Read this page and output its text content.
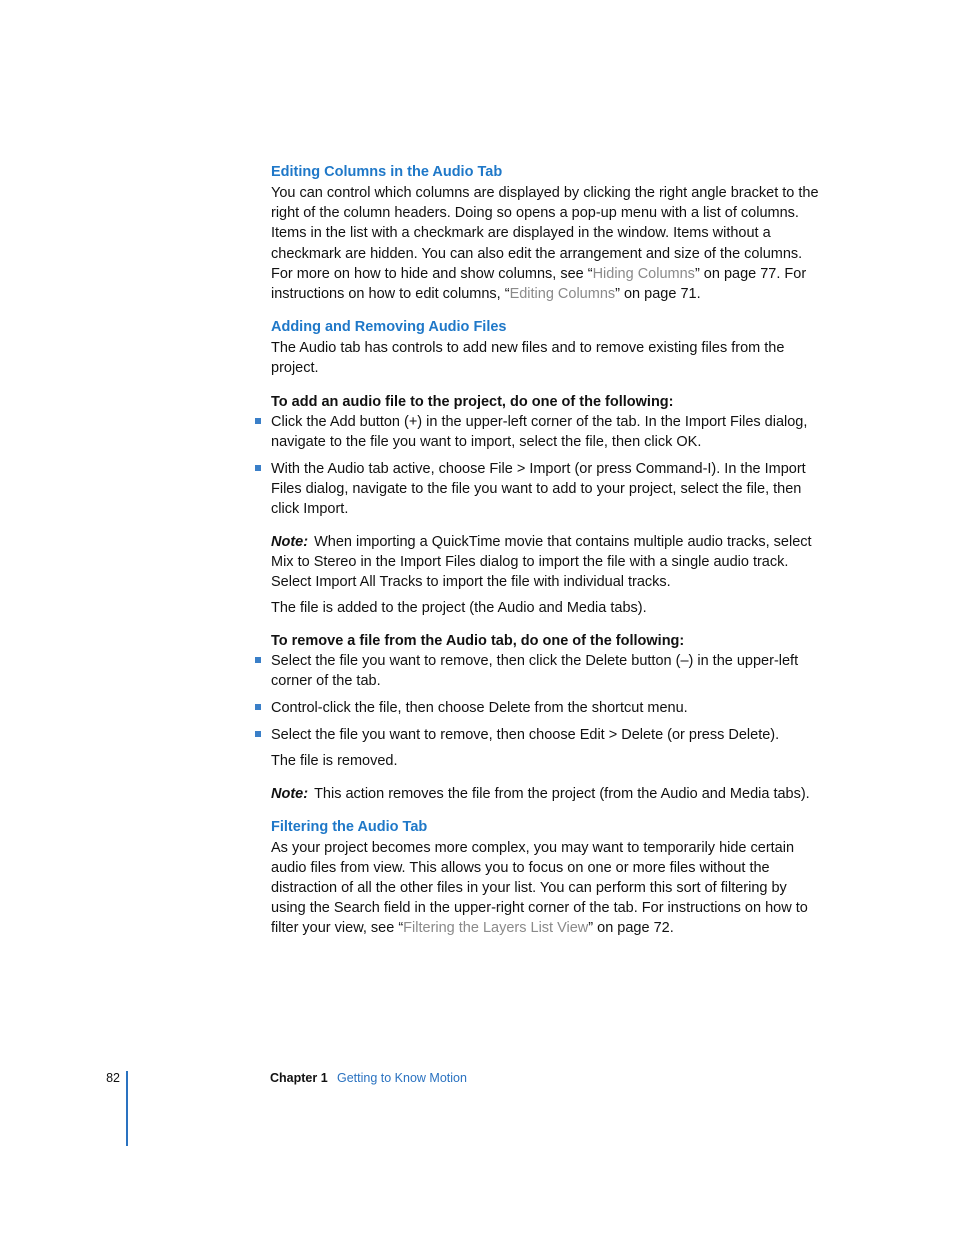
Editing Columns in the Audio Tab

You can control which columns are displayed by clicking the right angle bracket to the right of the column headers. Doing so opens a pop-up menu with a list of columns. Items in the list with a checkmark are displayed in the window. Items without a checkmark are hidden. You can also edit the arrangement and size of the columns. For more on how to hide and show columns, see “Hiding Columns” on page 77. For instructions on how to edit columns, “Editing Columns” on page 71.

Adding and Removing Audio Files

The Audio tab has controls to add new files and to remove existing files from the project.

To add an audio file to the project, do one of the following:
Click the Add button (+) in the upper-left corner of the tab. In the Import Files dialog, navigate to the file you want to import, select the file, then click OK.
With the Audio tab active, choose File > Import (or press Command-I). In the Import Files dialog, navigate to the file you want to add to your project, select the file, then click Import.

Note: When importing a QuickTime movie that contains multiple audio tracks, select Mix to Stereo in the Import Files dialog to import the file with a single audio track. Select Import All Tracks to import the file with individual tracks.

The file is added to the project (the Audio and Media tabs).

To remove a file from the Audio tab, do one of the following:
Select the file you want to remove, then click the Delete button (–) in the upper-left corner of the tab.
Control-click the file, then choose Delete from the shortcut menu.
Select the file you want to remove, then choose Edit > Delete (or press Delete).

The file is removed.

Note: This action removes the file from the project (from the Audio and Media tabs).

Filtering the Audio Tab

As your project becomes more complex, you may want to temporarily hide certain audio files from view. This allows you to focus on one or more files without the distraction of all the other files in your list. You can perform this sort of filtering by using the Search field in the upper-right corner of the tab. For instructions on how to filter your view, see “Filtering the Layers List View” on page 72.

82	Chapter 1 Getting to Know Motion
